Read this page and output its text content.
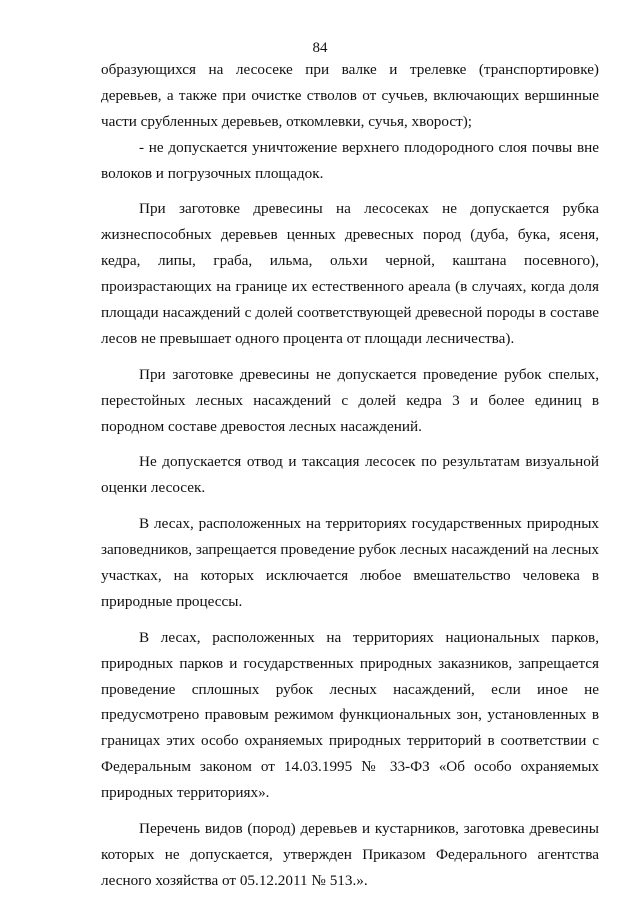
84
образующихся на лесосеке при валке и трелевке (транспортировке)
деревьев, а также при очистке стволов от сучьев, включающих вершинные
части срубленных деревьев, откомлевки, сучья, хворост);
- не допускается уничтожение верхнего плодородного слоя почвы вне
волоков и погрузочных площадок.
При заготовке древесины на лесосеках не допускается рубка
жизнеспособных деревьев ценных древесных пород (дуба, бука, ясеня,
кедра, липы, граба, ильма, ольхи черной, каштана посевного),
произрастающих на границе их естественного ареала (в случаях, когда доля
площади насаждений с долей соответствующей древесной породы в составе
лесов не превышает одного процента от площади лесничества).
При заготовке древесины не допускается проведение рубок спелых,
перестойных лесных насаждений с долей кедра 3 и более единиц в
породном составе древостоя лесных насаждений.
Не допускается отвод и таксация лесосек по результатам визуальной
оценки лесосек.
В лесах, расположенных на территориях государственных природных
заповедников, запрещается проведение рубок лесных насаждений на лесных
участках, на которых исключается любое вмешательство человека в
природные процессы.
В лесах, расположенных на территориях национальных парков,
природных парков и государственных природных заказников, запрещается
проведение сплошных рубок лесных насаждений, если иное не
предусмотрено правовым режимом функциональных зон, установленных в
границах этих особо охраняемых природных территорий в соответствии с
Федеральным законом от 14.03.1995 № 33-ФЗ «Об особо охраняемых
природных территориях».
Перечень видов (пород) деревьев и кустарников, заготовка древесины
которых не допускается, утвержден Приказом Федерального агентства
лесного хозяйства от 05.12.2011 № 513.».
